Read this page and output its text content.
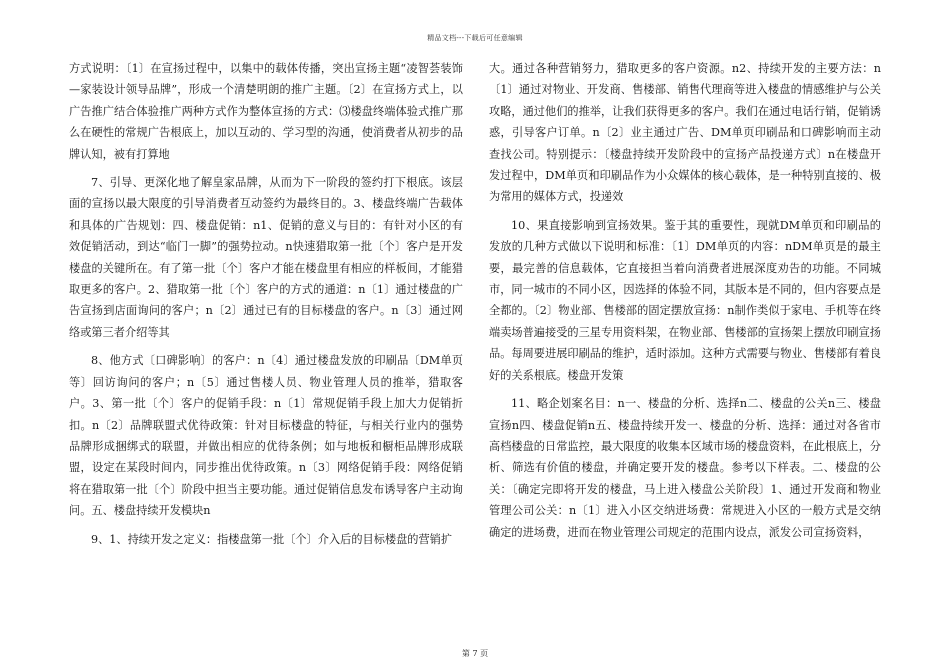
精品文档---下载后可任意编辑

方式说明：〔1〕在宣扬过程中，以集中的载体传播，突出宣扬主题“凌智荟装饰—家装设计领导品牌”，形成一个清楚明朗的推广主题。〔2〕在宣扬方式上，以广告推广结合体验推广两种方式作为整体宣扬的方式：⑶楼盘终端体验式推广那么在硬性的常规广告根底上，加以互动的、学习型的沟通，使消费者从初步的品牌认知，被有打算地

7、引导、更深化地了解皇家品牌，从而为下一阶段的签约打下根底。该层面的宣扬以最大限度的引导消费者互动签约为最终目的。3、楼盘终端广告载体和具体的广告规划：四、楼盘促销：n1、促销的意义与目的：有针对小区的有效促销活动，到达“临门一脚”的强势拉动。n快速猎取第一批〔个〕客户是开发楼盘的关键所在。有了第一批〔个〕客户才能在楼盘里有相应的样板间，才能猎取更多的客户。2、猎取第一批〔个〕客户的方式的通道：n〔1〕通过楼盘的广告宣扬到店面询问的客户；n〔2〕通过已有的目标楼盘的客户。n〔3〕通过网络或第三者介绍等其

8、他方式〔口碑影响〕的客户：n〔4〕通过楼盘发放的印刷品〔DM单页等〕回访询问的客户；n〔5〕通过售楼人员、物业管理人员的推举，猎取客户。3、第一批〔个〕客户的促销手段：n〔1〕常规促销手段上加大力促销折扣。n〔2〕品牌联盟式优待政策：针对目标楼盘的特征，与相关行业内的强势品牌形成捆绑式的联盟，并做出相应的优待条例；如与地板和橱柜品牌形成联盟，设定在某段时间内，同步推出优待政策。n〔3〕网络促销手段：网络促销将在猎取第一批〔个〕阶段中担当主要功能。通过促销信息发布诱导客户主动询问。五、楼盘持续开发模块n

9、1、持续开发之定义：指楼盘第一批〔个〕介入后的目标楼盘的营销扩

大。通过各种营销努力，猎取更多的客户资源。n2、持续开发的主要方法：n〔1〕通过对物业、开发商、售楼部、销售代理商等进入楼盘的情感维护与公关攻略，通过他们的推举，让我们获得更多的客户。我们在通过电话行销，促销诱惑，引导客户订单。n〔2〕业主通过广告、DM单页印刷品和口碑影响而主动查找公司。特别提示：〔楼盘持续开发阶段中的宣扬产品投递方式〕n在楼盘开发过程中，DM单页和印刷品作为小众媒体的核心载体，是一种特别直接的、极为常用的媒体方式，投递效

10、果直接影响到宣扬效果。鉴于其的重要性，现就DM单页和印刷品的发放的几种方式做以下说明和标准：〔1〕DM单页的内容：nDM单页是的最主要，最完善的信息载体，它直接担当着向消费者进展深度劝告的功能。不同城市，同一城市的不同小区，因选择的体验不同，其版本是不同的，但内容要点是全都的。〔2〕物业部、售楼部的固定摆放宣扬：n制作类似于家电、手机等在终端卖场普遍接受的三星专用资料架，在物业部、售楼部的宣扬架上摆放印刷宣扬品。每周要进展印刷品的维护，适时添加。这种方式需要与物业、售楼部有着良好的关系根底。楼盘开发策

11、略企划案名目：n一、楼盘的分析、选择n二、楼盘的公关n三、楼盘宣扬n四、楼盘促销n五、楼盘持续开发一、楼盘的分析、选择：通过对各省市高档楼盘的日常监控，最大限度的收集本区域市场的楼盘资料，在此根底上，分析、筛选有价值的楼盘，并确定要开发的楼盘。参考以下样表。二、楼盘的公关：〔确定完即将开发的楼盘，马上进入楼盘公关阶段〕1、通过开发商和物业管理公司公关：n〔1〕进入小区交纳进场费：常规进入小区的一般方式是交纳确定的进场费，进而在物业管理公司规定的范围内设点，派发公司宣扬资料，

第 7 页
